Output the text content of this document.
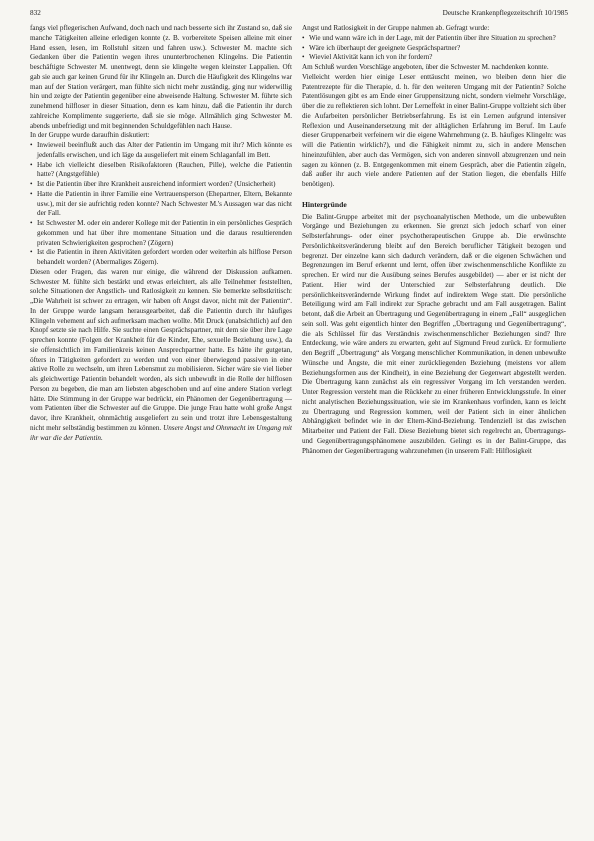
832	Deutsche Krankenpflegezeitschrift 10/1985

fangs viel pflegerischen Aufwand, doch nach und nach besserte sich ihr Zustand so, daß sie manche Tätigkeiten alleine erledigen konnte (z. B. vorbereitete Speisen alleine mit einer Hand essen, lesen, im Rollstuhl sitzen und fahren usw.). Schwester M. machte sich Gedanken über die Patientin wegen ihres ununterbrochenen Klingelns. Die Patientin beschäftigte Schwester M. unentwegt, denn sie klingelte wegen kleinster Lappalien. Oft gab sie auch gar keinen Grund für ihr Klingeln an. Durch die Häufigkeit des Klingelns war man auf der Station verärgert, man fühlte sich nicht mehr zuständig, ging nur widerwillig hin und zeigte der Patientin gegenüber eine abweisende Haltung. Schwester M. führte sich zunehmend hilfloser in dieser Situation, denn es kam hinzu, daß die Patientin ihr durch zahlreiche Komplimente suggerierte, daß sie sie möge. Allmählich ging Schwester M. abends unbefriedigt und mit beginnenden Schuldgefühlen nach Hause.

In der Gruppe wurde daraufhin diskutiert:

• Inwieweil beeinflußt auch das Alter der Patientin im Umgang mit ihr? Mich könnte es jedenfalls erwischen, und ich läge da ausgeliefert mit einem Schlaganfall im Bett.
• Habe ich vielleicht dieselben Risikofaktoren (Rauchen, Pille), welche die Patientin hatte? (Angstgefühle)
• Ist die Patientin über ihre Krankheit ausreichend informiert worden? (Unsicherheit)
• Hatte die Patientin in ihrer Familie eine Vertrauensperson (Ehepartner, Eltern, Bekannte usw.), mit der sie aufrichtig reden konnte? Nach Schwester M.'s Aussagen war das nicht der Fall.
• Ist Schwester M. oder ein anderer Kollege mit der Patientin in ein persönliches Gespräch gekommen und hat über ihre momentane Situation und die daraus resultierenden privaten Schwierigkeiten gesprochen? (Zögern)
• Ist die Patientin in ihren Aktivitäten gefordert worden oder weiterhin als hilflose Person behandelt worden? (Abermaliges Zögern).

Diesen oder Fragen, das waren nur einige, die während der Diskussion aufkamen. Schwester M. fühlte sich bestärkt und etwas erleichtert, als alle Teilnehmer feststellten, solche Situationen der Angstlich- und Ratlosigkeit zu kennen. Sie bemerkte selbstkritisch: „Die Wahrheit ist schwer zu ertragen, wir haben oft Angst davor, nicht mit der Patientin“. In der Gruppe wurde langsam herausgearbeitet, daß die Patientin durch ihr häufiges Klingeln vehement auf sich aufmerksam machen wollte. Mit Druck (unabsichtlich) auf den Knopf setzte sie nach Hilfe. Sie suchte einen Gesprächspartner, mit dem sie über ihre Lage sprechen konnte (Folgen der Krankheit für die Kinder, Ehe, sexuelle Beziehung usw.), da sie offensichtlich im Familienkreis keinen Ansprechpartner hatte. Es hätte ihr gutgetan, öfters in Tätigkeiten gefordert zu werden und von einer überwiegend passiven in eine aktive Rolle zu wechseln, um ihren Lebensmut zu mobilisieren. Sicher wäre sie viel lieber als gleichwertige Patientin behandelt worden, als sich unbewußt in die Rolle der hilflosen Person zu begeben, die man am liebsten abgeschoben und auf eine andere Station verlegt hätte. Die Stimmung in der Gruppe war bedrückt, ein Phänomen der Gegenübertragung — vom Patienten über die Schwester auf die Gruppe. Die junge Frau hatte wohl große Angst davor, ihre Krankheit, ohnmächtig ausgeliefert zu sein und trotzt ihre Lebensgestaltung nicht mehr selbständig bestimmen zu können. Unsere Angst und Ohnmacht im Umgang mit ihr war die der Patientin.

Angst und Ratlosigkeit in der Gruppe nahmen ab. Gefragt wurde:

• Wie und wann wäre ich in der Lage, mit der Patientin über ihre Situation zu sprechen?
• Wäre ich überhaupt der geeignete Gesprächspartner?
• Wieviel Aktivität kann ich von ihr fordern?

Am Schluß wurden Vorschläge angeboten, über die Schwester M. nachdenken konnte.

Vielleicht werden hier einige Leser enttäuscht meinen, wo bleiben denn hier die Patentrezepte für die Therapie, d. h. für den weiteren Umgang mit der Patientin? Solche Patentlösungen gibt es am Ende einer Gruppensitzung nicht, sondern vielmehr Vorschläge, über die zu reflektieren sich lohnt. Der Lerneffekt in einer Balint-Gruppe vollzieht sich über die Aufarbeiten persönlicher Betriebserfahrung. Es ist ein Lernen aufgrund intensiver Reflexion und Auseinandersetzung mit der alltäglichen Erfahrung im Beruf. Im Laufe dieser Gruppenarbeit verfeinern wir die eigene Wahrnehmung (z. B. häufiges Klingeln: was will die Patientin wirklich?), und die Fähigkeit nimmt zu, sich in andere Menschen hineinzufühlen, aber auch das Vermögen, sich von anderen sinnvoll abzugrenzen und nein sagen zu können (z. B. Entgegenkommen mit einem Gespräch, aber die Patientin zügeln, daß außer ihr auch viele andere Patienten auf der Station liegen, die ebenfalls Hilfe benötigen).

Hintergründe

Die Balint-Gruppe arbeitet mit der psychoanalytischen Methode, um die unbewußten Vorgänge und Beziehungen zu erkennen. Sie grenzt sich jedoch scharf von einer Selbsterfahrungs- oder einer psychotherapeutischen Gruppe ab. Die erwünschte Persönlichkeitsveränderung bleibt auf den Bereich beruflicher Tätigkeit bezogen und begrenzt. Der einzelne kann sich dadurch verändern, daß er die eigenen Schwächen und Begrenzungen im Beruf erkennt und lernt, offen über zwischenmenschliche Konflikte zu sprechen. Er wird nur die Ausübung seines Berufes ausgebildet) — aber er ist nicht der Patient. Hier wird der Unterschied zur Selbsterfahrung deutlich. Die persönlichkeitsverändernde Wirkung findet auf indirektem Wege statt. Die persönliche Beteiligung wird am Fall indirekt zur Sprache gebracht und am Fall ausgetragen. Balint betont, daß die Arbeit an Übertragung und Gegenübertragung in einem „Fall“ ausgeglichen sein soll. Was geht eigentlich hinter den Begriffen „Übertragung und Gegenübertragung“, die als Schlüssel für das Verständnis zwischenmenschlicher Beziehungen sind? Ihre Entdeckung, wie wäre anders zu erwarten, geht auf Sigmund Freud zurück. Er formulierte den Begriff „Übertragung“ als Vorgang menschlicher Kommunikation, in denen unbewußte Wünsche und Ängste, die mit einer zurückliegenden Beziehung (meistens vor allem Beziehungsformen aus der Kindheit), in eine Beziehung der Gegenwart abgestellt werden. Die Übertragung kann zunächst als ein regressiver Vorgang im Ich verstanden werden. Unter Regression versteht man die Rückkehr zu einer früheren Entwicklungsstufe. In einer nicht analytischen Beziehungssituation, wie sie im Krankenhaus vorfinden, kann es leicht zu Übertragung und Regression kommen, weil der Patient sich in einer ähnlichen Abhängigkeit befindet wie in der Eltern-Kind-Beziehung. Tendenziell ist das zwischen Mitarbeiter und Patient der Fall. Diese Beziehung bietet sich regelrecht an, Übertragungs- und Gegenübertragungsphänomene auszubilden. Gelingt es in der Balint-Gruppe, das Phänomen der Gegenübertragung wahrzunehmen (in unserem Fall: Hilflosigkeit
